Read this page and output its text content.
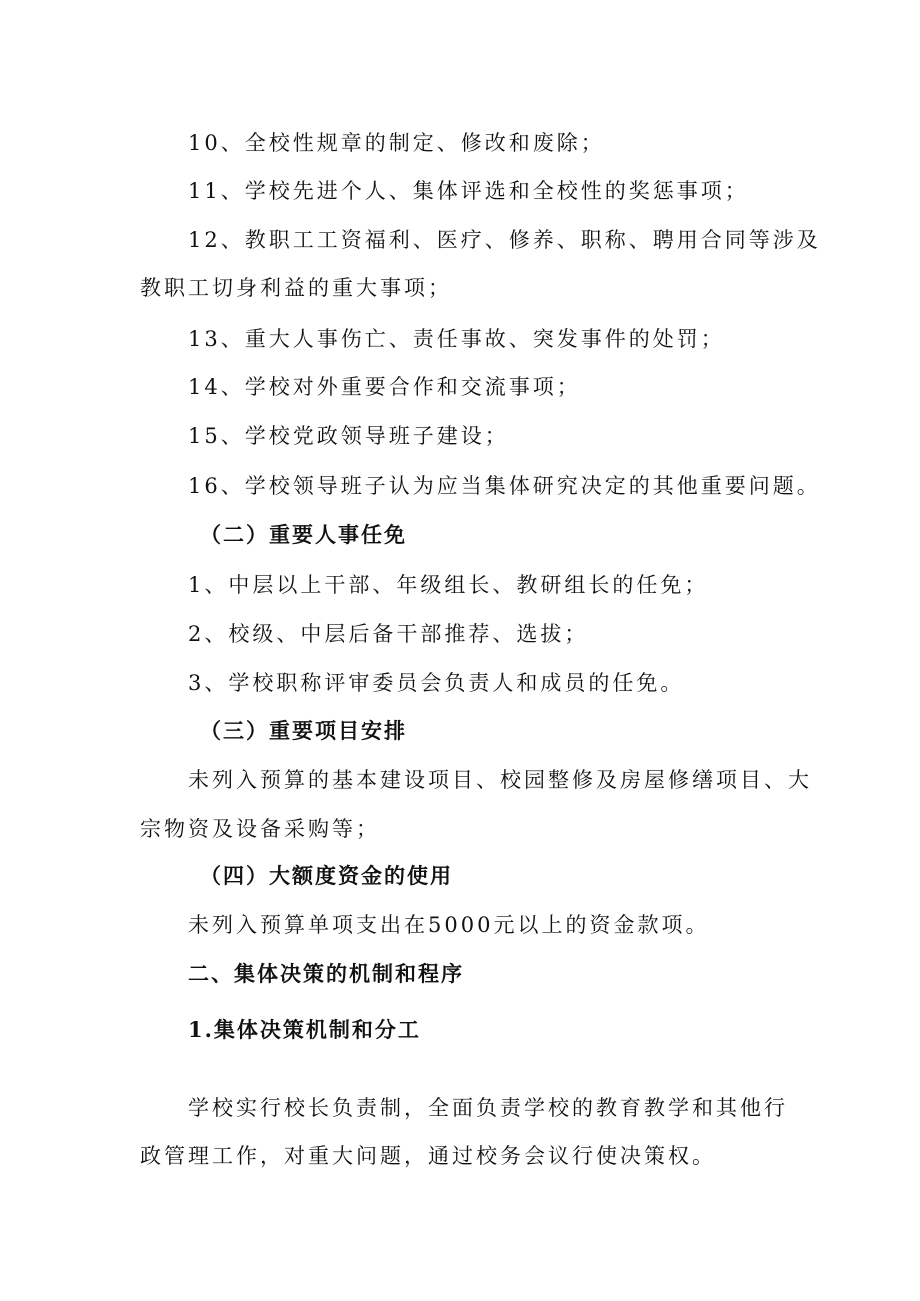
10、全校性规章的制定、修改和废除；
11、学校先进个人、集体评选和全校性的奖惩事项；
12、教职工工资福利、医疗、修养、职称、聘用合同等涉及
教职工切身利益的重大事项；
13、重大人事伤亡、责任事故、突发事件的处罚；
14、学校对外重要合作和交流事项；
15、学校党政领导班子建设；
16、学校领导班子认为应当集体研究决定的其他重要问题。
（二）重要人事任免
1、中层以上干部、年级组长、教研组长的任免；
2、校级、中层后备干部推荐、选拔；
3、学校职称评审委员会负责人和成员的任免。
（三）重要项目安排
未列入预算的基本建设项目、校园整修及房屋修缮项目、大
宗物资及设备采购等；
（四）大额度资金的使用
未列入预算单项支出在5000元以上的资金款项。
二、集体决策的机制和程序
1.集体决策机制和分工
学校实行校长负责制，全面负责学校的教育教学和其他行
政管理工作，对重大问题，通过校务会议行使决策权。
